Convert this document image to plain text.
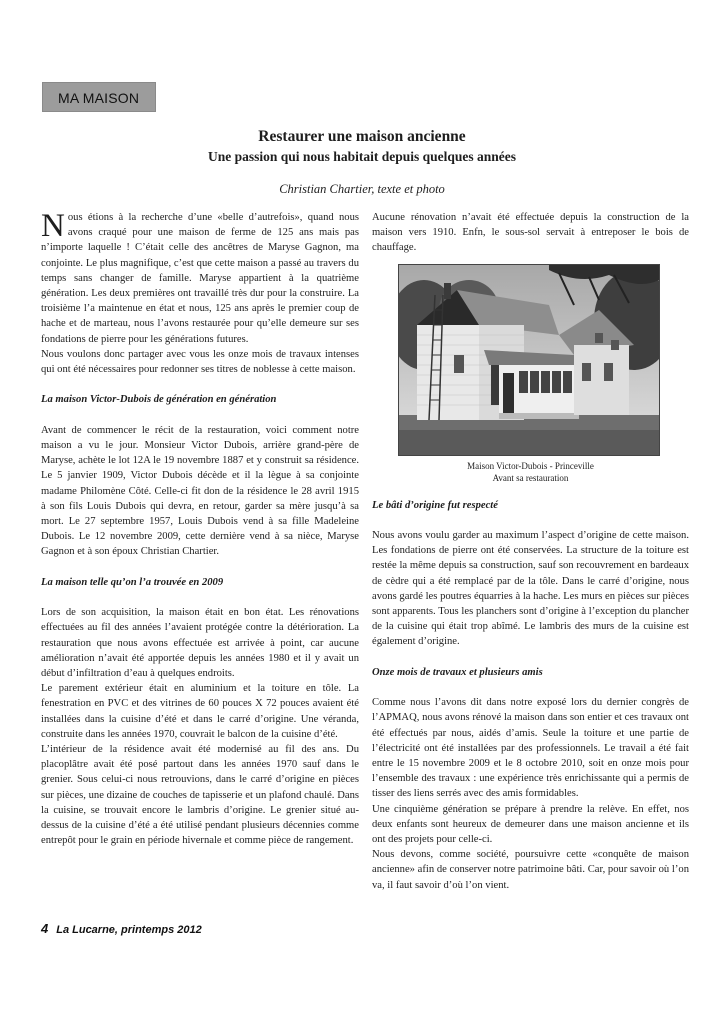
MA MAISON
Restaurer une maison ancienne
Une passion qui nous habitait depuis quelques années
Christian Chartier, texte et photo

Nous étions à la recherche d’une «belle d’autrefois», quand nous avons craqué pour une maison de ferme de 125 ans mais pas n’importe laquelle ! C’était celle des ancêtres de Maryse Gagnon, ma conjointe. Le plus magnifique, c’est que cette maison a passé au travers du temps sans changer de famille. Maryse appartient à la quatrième génération. Les deux premières ont travaillé très dur pour la construire. La troisième l’a maintenue en état et nous, 125 ans après le premier coup de hache et de marteau, nous l’avons restaurée pour qu’elle demeure sur ses fondations de pierre pour les générations futures.

Nous voulons donc partager avec vous les onze mois de travaux intenses qui ont été nécessaires pour redonner ses titres de noblesse à cette maison.

La maison Victor-Dubois de génération en génération

Avant de commencer le récit de la restauration, voici comment notre maison a vu le jour. Monsieur Victor Dubois, arrière grand-père de Maryse, achète le lot 12A le 19 novembre 1887 et y construit sa résidence. Le 5 janvier 1909, Victor Dubois décède et il la lègue à sa conjointe madame Philomène Côté. Celle-ci fit don de la résidence le 28 avril 1915 à son fils Louis Dubois qui devra, en retour, garder sa mère jusqu’à sa mort. Le 27 septembre 1957, Louis Dubois vend à sa fille Madeleine Dubois. Le 12 novembre 2009, cette dernière vend à sa nièce, Maryse Gagnon et à son époux Christian Chartier.

La maison telle qu’on l’a trouvée en 2009

Lors de son acquisition, la maison était en bon état. Les rénovations effectuées au fil des années l’avaient protégée contre la détérioration. La restauration que nous avons effectuée est arrivée à point, car aucune amélioration n’avait été apportée depuis les années 1980 et il y avait un début d’infiltration d’eau à quelques endroits.

Le parement extérieur était en aluminium et la toiture en tôle. La fenestration en PVC et des vitrines de 60 pouces X 72 pouces avaient été installées dans la cuisine d’été et dans le carré d’origine. Une véranda, construite dans les années 1970, couvrait le balcon de la cuisine d’été.

L’intérieur de la résidence avait été modernisé au fil des ans. Du placoplâtre avait été posé partout dans les années 1970 sauf dans le grenier. Sous celui-ci nous retrouvions, dans le carré d’origine en pièces sur pièces, une dizaine de couches de tapisserie et un plafond chaulé. Dans la cuisine, se trouvait encore le lambris d’origine. Le grenier situé au-dessus de la cuisine d’été a été utilisé pendant plusieurs décennies comme entrepôt pour le grain en période hivernale et comme pièce de rangement.

Aucune rénovation n’avait été effectuée depuis la construction de la maison vers 1910. Enfn, le sous-sol servait à entreposer le bois de chauffage.

Maison Victor-Dubois - Princeville
Avant sa restauration
Le bâti d’origine fut respecté

Nous avons voulu garder au maximum l’aspect d’origine de cette maison. Les fondations de pierre ont été conservées. La structure de la toiture est restée la même depuis sa construction, sauf son recouvrement en bardeaux de cèdre qui a été remplacé par de la tôle. Dans le carré d’origine, nous avons gardé les poutres équarries à la hache. Les murs en pièces sur pièces sont apparents. Tous les planchers sont d’origine à l’exception du plancher de la cuisine qui était trop abîmé. Le lambris des murs de la cuisine est également d’origine.

Onze mois de travaux et plusieurs amis

Comme nous l’avons dit dans notre exposé lors du dernier congrès de l’APMAQ, nous avons rénové la maison dans son entier et ces travaux ont été effectués par nous, aidés d’amis. Seule la toiture et une partie de l’électricité ont été installées par des professionnels. Le travail a été fait entre le 15 novembre 2009 et le 8 octobre 2010, soit en onze mois pour l’ensemble des travaux : une expérience très enrichissante qui a permis de tisser des liens serrés avec des amis formidables.

Une cinquième génération se prépare à prendre la relève. En effet, nos deux enfants sont heureux de demeurer dans une maison ancienne et ils ont des projets pour celle-ci.

Nous devons, comme société, poursuivre cette «conquête de maison ancienne» afin de conserver notre patrimoine bâti. Car, pour savoir où l’on va, il faut savoir d’où l’on vient.

4 La Lucarne, printemps 2012
